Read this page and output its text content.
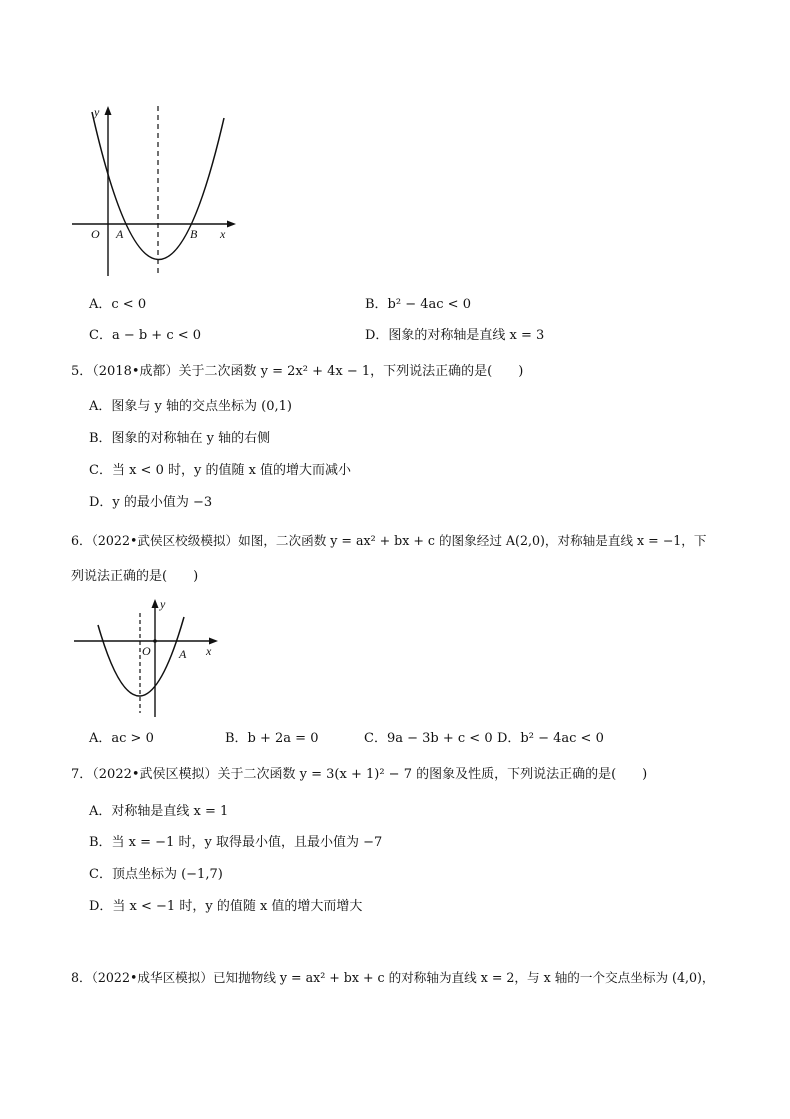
y
x
O A	B
A．c < 0	B．b² − 4ac < 0
C．a − b + c < 0	D．图象的对称轴是直线 x = 3
5．（2018•成都）关于二次函数 y = 2x² + 4x − 1，下列说法正确的是(　　)
A．图象与 y 轴的交点坐标为 (0,1)
B．图象的对称轴在 y 轴的右侧
C．当 x < 0 时，y 的值随 x 值的增大而减小
D．y 的最小值为 −3
6．（2022•武侯区校级模拟）如图，二次函数 y = ax² + bx + c 的图象经过 A(2,0)，对称轴是直线 x = −1，下
列说法正确的是(　　)
y
x
O A
A．ac > 0	B．b + 2a = 0	C．9a − 3b + c < 0 D．b² − 4ac < 0
7．（2022•武侯区模拟）关于二次函数 y = 3(x + 1)² − 7 的图象及性质，下列说法正确的是(　　)
A．对称轴是直线 x = 1
B．当 x = −1 时，y 取得最小值，且最小值为 −7
C．顶点坐标为 (−1,7)
D．当 x < −1 时，y 的值随 x 值的增大而增大
8．（2022•成华区模拟）已知抛物线 y = ax² + bx + c 的对称轴为直线 x = 2，与 x 轴的一个交点坐标为 (4,0)，
